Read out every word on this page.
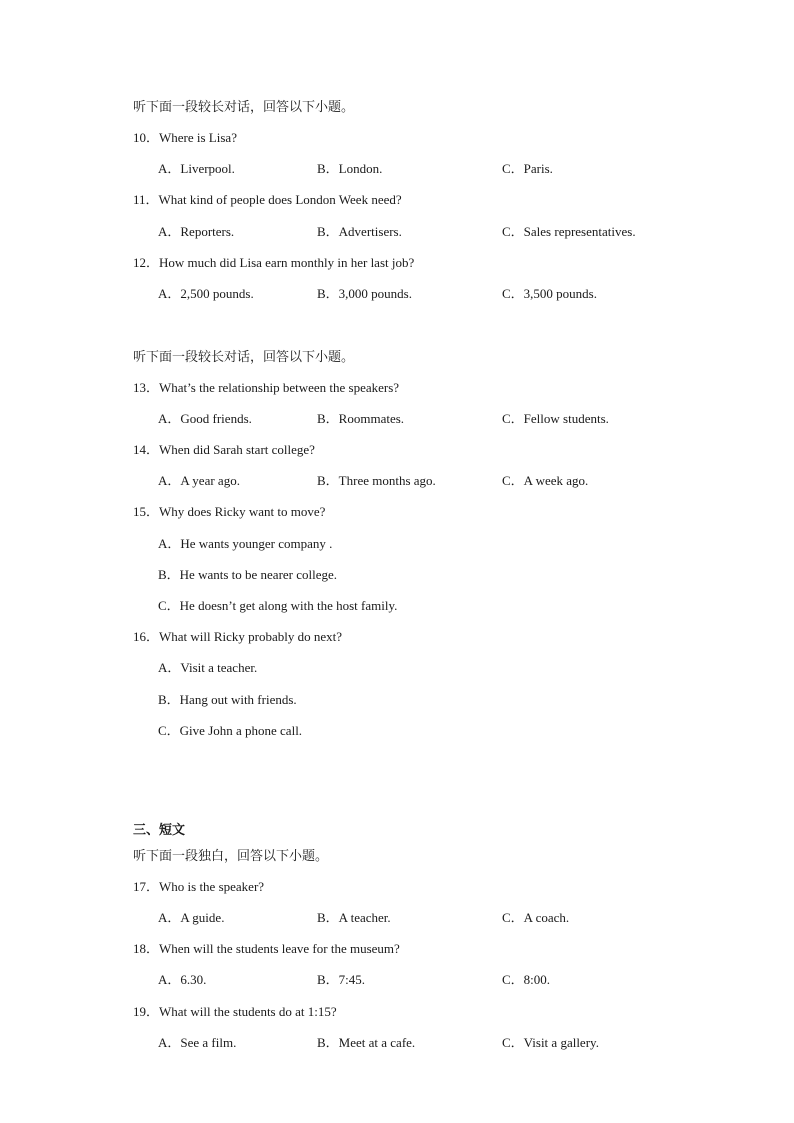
听下面一段较长对话，回答以下小题。
10．Where is Lisa?
A．Liverpool.	B．London.	C．Paris.
11．What kind of people does London Week need?
A．Reporters.	B．Advertisers.	C．Sales representatives.
12．How much did Lisa earn monthly in her last job?
A．2,500 pounds.	B．3,000 pounds.	C．3,500 pounds.
听下面一段较长对话，回答以下小题。
13．What’s the relationship between the speakers?
A．Good friends.	B．Roommates.	C．Fellow students.
14．When did Sarah start college?
A．A year ago.	B．Three months ago.	C．A week ago.
15．Why does Ricky want to move?
A．He wants younger company .
B．He wants to be nearer college.
C．He doesn’t get along with the host family.
16．What will Ricky probably do next?
A．Visit a teacher.
B．Hang out with friends.
C．Give John a phone call.
三、短文
听下面一段独白，回答以下小题。
17．Who is the speaker?
A．A guide.	B．A teacher.	C．A coach.
18．When will the students leave for the museum?
A．6.30.	B．7:45.	C．8:00.
19．What will the students do at 1:15?
A．See a film.	B．Meet at a cafe.	C．Visit a gallery.
